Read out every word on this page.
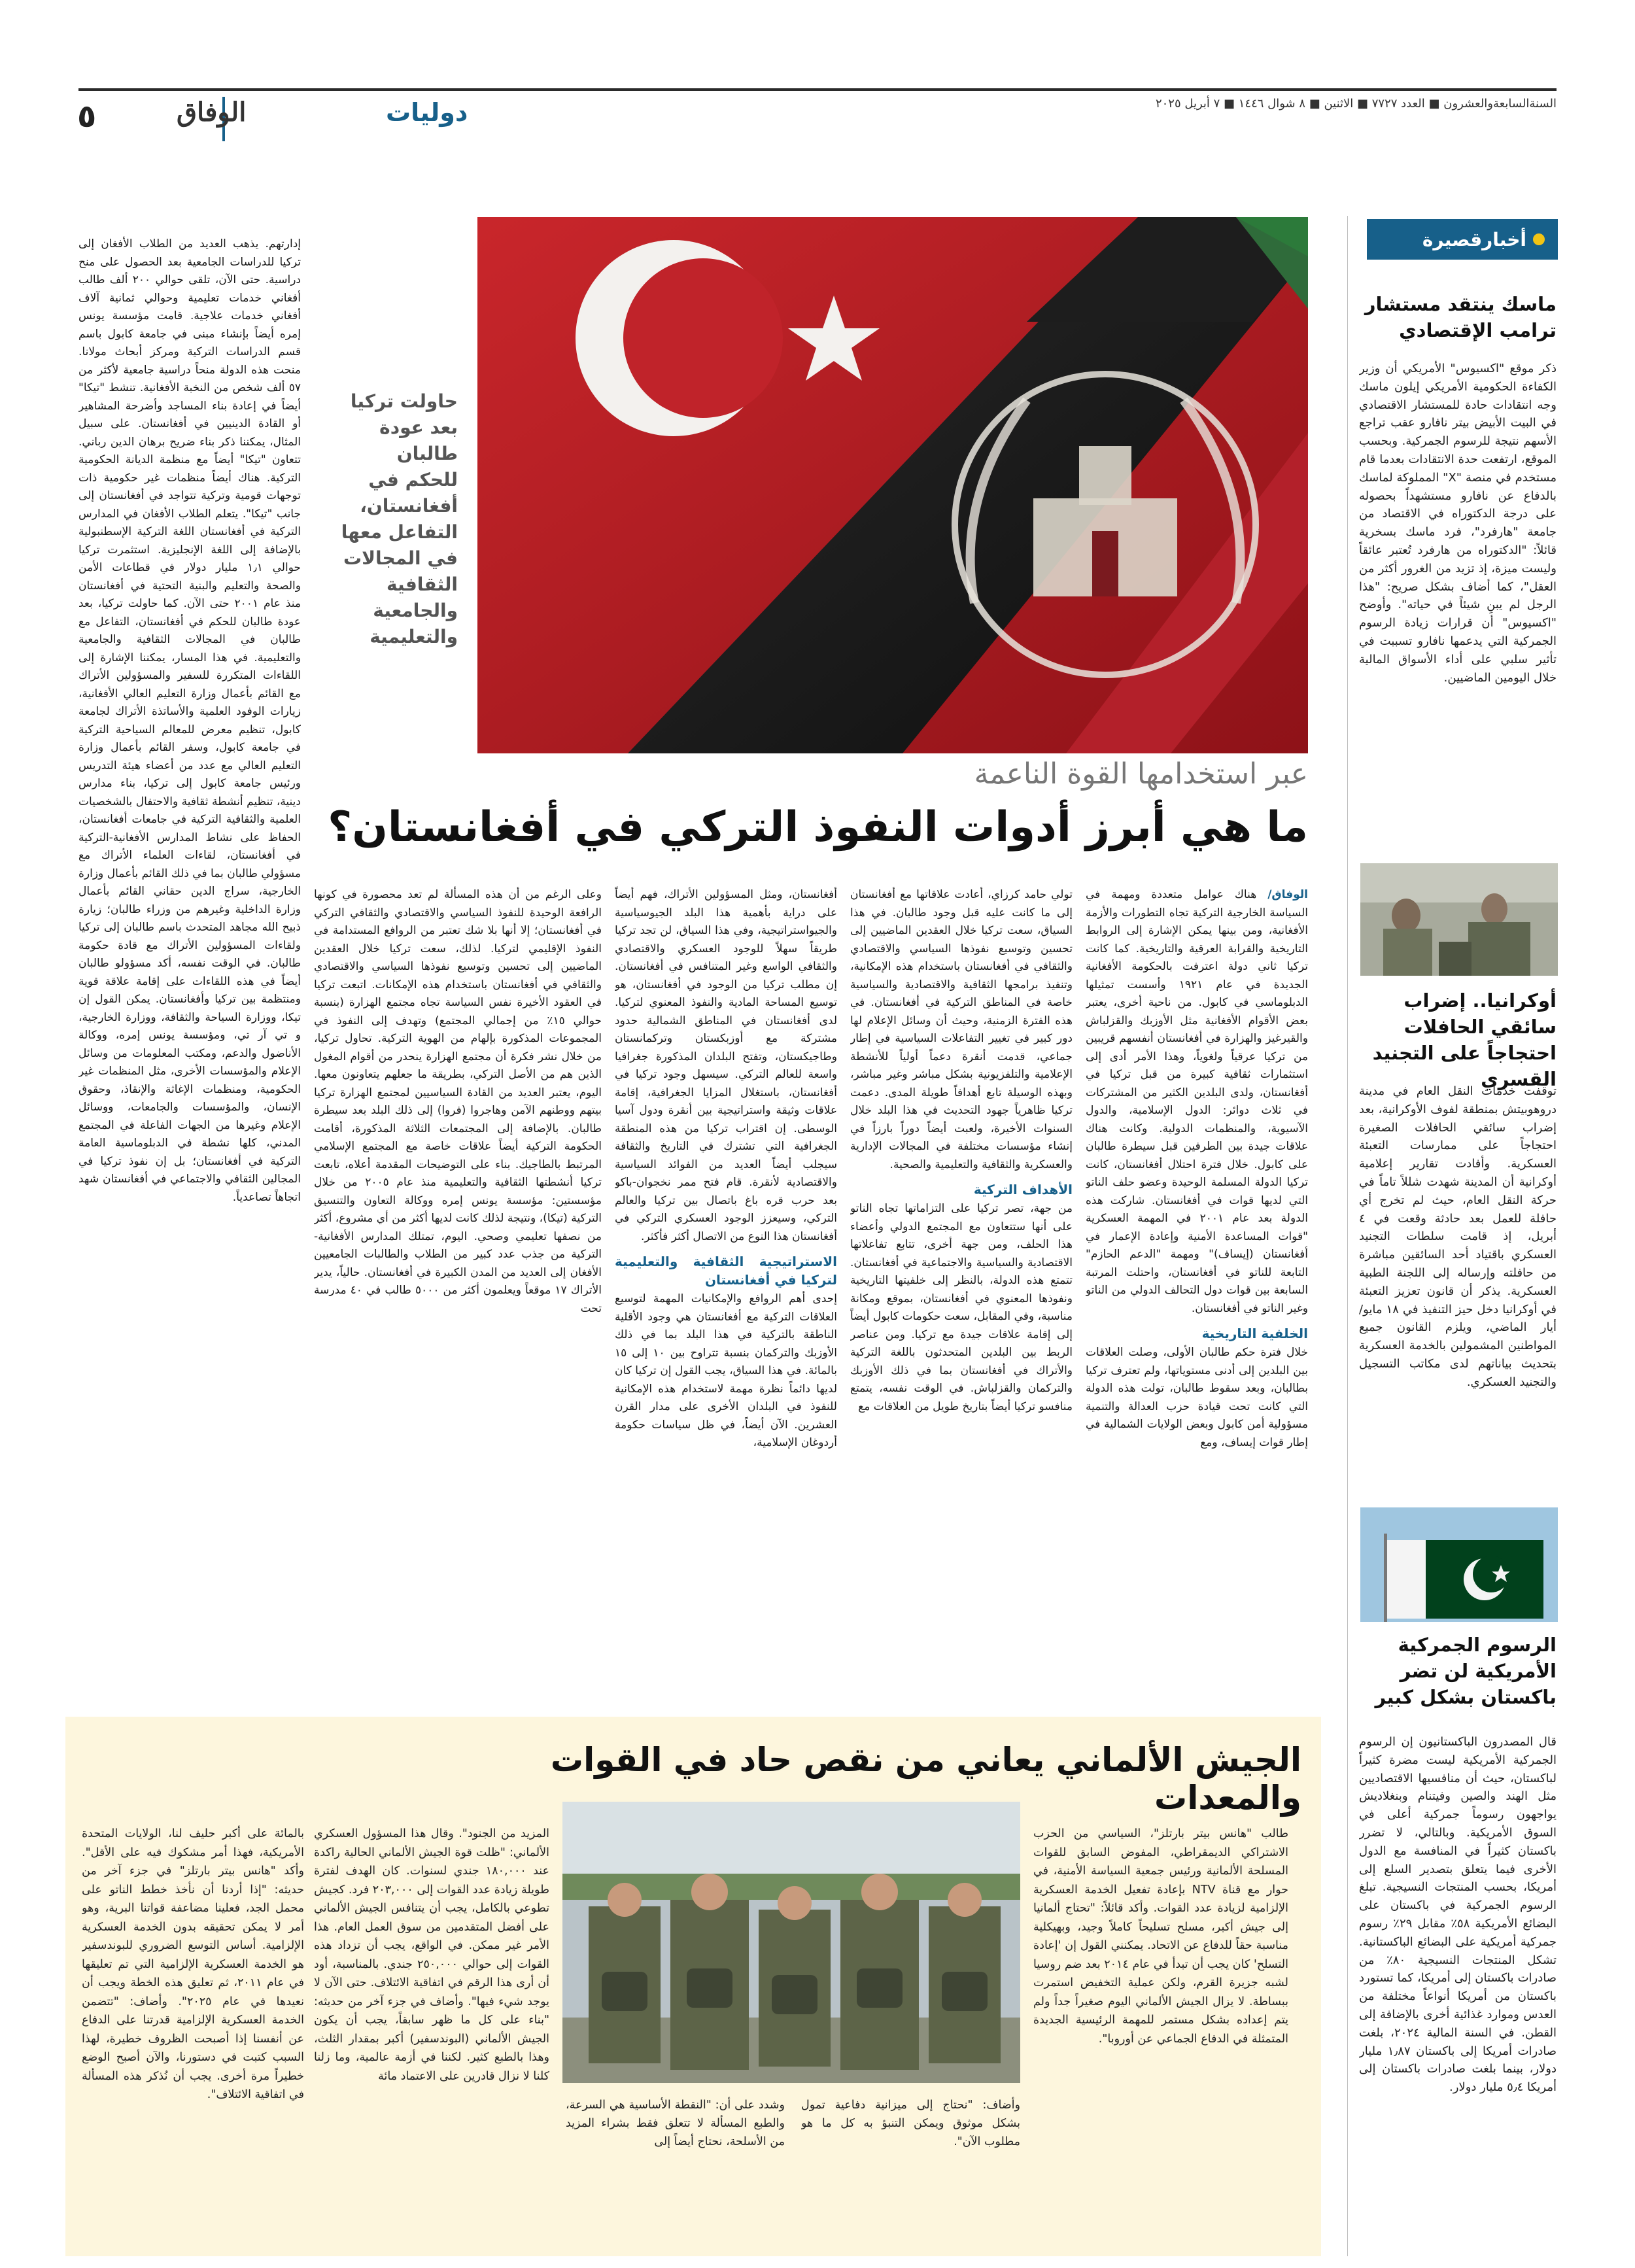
السنةالسابعةوالعشرون ■ العدد ٧٧٢٧ ■ الاثنين ■ ٨ شوال ١٤٤٦ ■ ٧ أبريل ٢٠٢٥
دوليات
الوفاق
٥
أخبارقصيرة
ماسك ينتقد مستشار ترامب الإقتصادي
ذكر موقع "اكسيوس" الأمريكي أن وزير الكفاءة الحكومية الأمريكي إيلون ماسك وجه انتقادات حادة للمستشار الاقتصادي في البيت الأبيض بيتر نافارو عقب تراجع الأسهم نتيجة للرسوم الجمركية. وبحسب الموقع، ارتفعت حدة الانتقادات بعدما قام مستخدم في منصة "X" المملوكة لماسك بالدفاع عن نافارو مستشهداً بحصوله على درجة الدكتوراه في الاقتصاد من جامعة "هارفرد"، فرد ماسك بسخرية قائلاً: "الدكتوراه من هارفرد تُعتبر عائقاً وليست ميزة، إذ تزيد من الغرور أكثر من العقل"، كما أضاف بشكل صريح: "هذا الرجل لم يبنِ شيئاً في حياته". وأوضح "اكسيوس" أن قرارات زيادة الرسوم الجمركية التي يدعمها نافارو تسببت في تأثير سلبي على أداء الأسواق المالية خلال اليومين الماضيين.
أوكرانيا.. إضراب سائقي الحافلات احتجاجاً على التجنيد القسري
توقفت خدمات النقل العام في مدينة دروهوبيتش بمنطقة لفوف الأوكرانية، بعد إضراب سائقي الحافلات الصغيرة احتجاجاً على ممارسات التعبئة العسكرية. وأفادت تقارير إعلامية أوكرانية أن المدينة شهدت شللاً تاماً في حركة النقل العام، حيث لم تخرج أي حافلة للعمل بعد حادثة وقعت في ٤ أبريل، إذ قامت سلطات التجنيد العسكري باقتياد أحد السائقين مباشرة من حافلته وإرساله إلى اللجنة الطبية العسكرية. يذكر أن قانون تعزيز التعبئة في أوكرانيا دخل حيز التنفيذ في ١٨ مايو/أيار الماضي، ويلزم القانون جميع المواطنين المشمولين بالخدمة العسكرية بتحديث بياناتهم لدى مكاتب التسجيل والتجنيد العسكري.
الرسوم الجمركية الأمريكية لن تضر باكستان بشكل كبير
قال المصدرون الباكستانيون إن الرسوم الجمركية الأمريكية ليست مضرة كثيراً لباكستان، حيث أن منافسيها الاقتصاديين مثل الهند والصين وفيتنام وبنغلاديش يواجهون رسوماً جمركية أعلى في السوق الأمريكية. وبالتالي، لا تضرر باكستان كثيراً في المنافسة مع الدول الأخرى فيما يتعلق بتصدير السلع إلى أمريكا، بحسب المنتجات النسيجية. تبلغ الرسوم الجمركية في باكستان على البضائع الأمريكية ٥٨٪ مقابل ٢٩٪ رسوم جمركية أمريكية على البضائع الباكستانية. تشكل المنتجات النسيجية ٨٠٪ من صادرات باكستان إلى أمريكا، كما تستورد باكستان من أمريكا أنواعاً مختلفة من العدس وموارد غذائية أخرى بالإضافة إلى القطن. في السنة المالية ٢٠٢٤، بلغت صادرات أمريكا إلى باكستان ١٫٨٧ مليار دولار، بينما بلغت صادرات باكستان إلى أمريكا ٥٫٤ مليار دولار.
حاولت تركيا بعد عودة طالبان للحكم في أفغانستان، التفاعل معها في المجالات الثقافية والجامعية والتعليمية
عبر استخدامها القوة الناعمة
ما هي أبرز أدوات النفوذ التركي في أفغانستان؟

الوفاق/ هناك عوامل متعددة ومهمة في السياسة الخارجية التركية تجاه التطورات والأزمة الأفغانية، ومن بينها يمكن الإشارة إلى الروابط التاريخية والقرابة العرقية والتاريخية. كما كانت تركيا ثاني دولة اعترفت بالحكومة الأفغانية الجديدة في عام ١٩٢١ وأسست تمثيلها الدبلوماسي في كابول. من ناحية أخرى، يعتبر بعض الأقوام الأفغانية مثل الأوزبك والقزلباش والقيرغيز والهزارة في أفغانستان أنفسهم قريبين من تركيا عرقياً ولغوياً، وهذا الأمر أدى إلى استثمارات ثقافية كبيرة من قبل تركيا في أفغانستان، ولدى البلدين الكثير من المشتركات في ثلاث دوائر: الدول الإسلامية، والدول الآسيوية، والمنظمات الدولية. وكانت هناك علاقات جيدة بين الطرفين قبل سيطرة طالبان على كابول. خلال فترة احتلال أفغانستان، كانت تركيا الدولة المسلمة الوحيدة وعضو حلف الناتو التي لديها قوات في أفغانستان. شاركت هذه الدولة بعد عام ٢٠٠١ في المهمة العسكرية "قوات المساعدة الأمنية وإعادة الإعمار في أفغانستان (إيساف)" ومهمة "الدعم الحازم" التابعة للناتو في أفغانستان، واحتلت المرتبة السابعة بين قوات دول التحالف الدولي من الناتو وغير الناتو في أفغانستان.

الخلفية التاريخية

خلال فترة حكم طالبان الأولى، وصلت العلاقات بين البلدين إلى أدنى مستوياتها، ولم تعترف تركيا بطالبان، وبعد سقوط طالبان، تولت هذه الدولة التي كانت تحت قيادة حزب العدالة والتنمية مسؤولية أمن كابول وبعض الولايات الشمالية في إطار قوات إيساف، ومع

تولي حامد كرزاي، أعادت علاقاتها مع أفغانستان إلى ما كانت عليه قبل وجود طالبان. في هذا السياق، سعت تركيا خلال العقدين الماضيين إلى تحسين وتوسيع نفوذها السياسي والاقتصادي والثقافي في أفغانستان باستخدام هذه الإمكانية، وتنفيذ برامجها الثقافية والاقتصادية والسياسية خاصة في المناطق التركية في أفغانستان. في هذه الفترة الزمنية، وحيث أن وسائل الإعلام لها دور كبير في تغيير التفاعلات السياسية في إطار جماعي، قدمت أنقرة دعماً أولياً للأنشطة الإعلامية والتلفزيونية بشكل مباشر وغير مباشر، وبهذه الوسيلة تابع أهدافاً طويلة المدى. دعمت تركيا ظاهرياً جهود التحديث في هذا البلد خلال السنوات الأخيرة، ولعبت أيضاً دوراً بارزاً في إنشاء مؤسسات مختلفة في المجالات الإدارية والعسكرية والثقافية والتعليمية والصحية.

الأهداف التركية

من جهة، تصر تركيا على التزاماتها تجاه الناتو على أنها ستتعاون مع المجتمع الدولي وأعضاء هذا الحلف، ومن جهة أخرى، تتابع تفاعلاتها الاقتصادية والسياسية والاجتماعية في أفغانستان. تتمتع هذه الدولة، بالنظر إلى خلفيتها التاريخية ونفوذها المعنوي في أفغانستان، بموقع ومكانة مناسبة، وفي المقابل، سعت حكومات كابول أيضاً إلى إقامة علاقات جيدة مع تركيا. ومن عناصر الربط بين البلدين المتحدثون باللغة التركية والأتراك في أفغانستان بما في ذلك الأوزبك والتركمان والقزلباش. في الوقت نفسه، يتمتع منافسو تركيا أيضاً بتاريخ طويل من العلاقات مع

أفغانستان، ومثل المسؤولين الأتراك، فهم أيضاً على دراية بأهمية هذا البلد الجيوسياسية والجيواستراتيجية، وفي هذا السياق، لن تجد تركيا طريقاً سهلاً للوجود العسكري والاقتصادي والثقافي الواسع وغير المتنافس في أفغانستان. إن مطلب تركيا من الوجود في أفغانستان، هو توسيع المساحة المادية والنفوذ المعنوي لتركيا. لدى أفغانستان في المناطق الشمالية حدود مشتركة مع أوزبكستان وتركمانستان وطاجيكستان، وتفتح البلدان المذكورة جغرافيا واسعة للعالم التركي. سيسهل وجود تركيا في أفغانستان، باستغلال المزايا الجغرافية، إقامة علاقات وثيقة واستراتيجية بين أنقرة ودول آسيا الوسطى. إن اقتراب تركيا من هذه المنطقة الجغرافية التي تشترك في التاريخ والثقافة سيجلب أيضاً العديد من الفوائد السياسية والاقتصادية لأنقرة. قام فتح ممر نخجوان-باكو بعد حرب قره باغ باتصال بين تركيا والعالم التركي، وسيعزز الوجود العسكري التركي في أفغانستان هذا النوع من الاتصال أكثر فأكثر.

الاستراتيجية الثقافية والتعليمية لتركيا في أفغانستان

إحدى أهم الروافع والإمكانيات المهمة لتوسيع العلاقات التركية مع أفغانستان هي وجود الأقلية الناطقة بالتركية في هذا البلد بما في ذلك الأوزبك والتركمان بنسبة تتراوح بين ١٠ إلى ١٥ بالمائة. في هذا السياق، يجب القول إن تركيا كان لديها دائماً نظرة مهمة لاستخدام هذه الإمكانية للنفوذ في البلدان الأخرى على مدار القرن العشرين. الآن أيضاً، في ظل سياسات حكومة أردوغان الإسلامية،

وعلى الرغم من أن هذه المسألة لم تعد محصورة في كونها الرافعة الوحيدة للنفوذ السياسي والاقتصادي والثقافي التركي في أفغانستان؛ إلا أنها بلا شك تعتبر من الروافع المستدامة في النفوذ الإقليمي لتركيا. لذلك، سعت تركيا خلال العقدين الماضيين إلى تحسين وتوسيع نفوذها السياسي والاقتصادي والثقافي في أفغانستان باستخدام هذه الإمكانات. اتبعت تركيا في العقود الأخيرة نفس السياسة تجاه مجتمع الهزارة (بنسبة حوالي ١٥٪ من إجمالي المجتمع) وتهدف إلى النفوذ في المجموعات المذكورة بإلهام من الهوية التركية. تحاول تركيا، من خلال نشر فكرة أن مجتمع الهزارة ينحدر من أقوام المغول الذين هم من الأصل التركي، بطريقة ما جعلهم يتعاونون معها. اليوم، يعتبر العديد من القادة السياسيين لمجتمع الهزارة تركيا بيتهم ووطنهم الآمن وهاجروا (فروا) إلى ذلك البلد بعد سيطرة طالبان. بالإضافة إلى المجتمعات الثلاثة المذكورة، أقامت الحكومة التركية أيضاً علاقات خاصة مع المجتمع الإسلامي المرتبط بالطاجيك. بناء على التوضيحات المقدمة أعلاه، تابعت تركيا أنشطتها الثقافية والتعليمية منذ عام ٢٠٠٥ من خلال مؤسستين: مؤسسة يونس إمره ووكالة التعاون والتنسيق التركية (تيكا)، ونتيجة لذلك كانت لديها أكثر من أي مشروع، أكثر من نصفها تعليمي وصحي. اليوم، تمتلك المدارس الأفغانية-التركية من جذب عدد كبير من الطلاب والطالبات الجامعيين الأفغان إلى العديد من المدن الكبيرة في أفغانستان. حالياً، يدير الأتراك ١٧ موقعاً ويعلمون أكثر من ٥٠٠٠ طالب في ٤٠ مدرسة تحت

إدارتهم. يذهب العديد من الطلاب الأفغان إلى تركيا للدراسات الجامعية بعد الحصول على منح دراسية. حتى الآن، تلقى حوالي ٢٠٠ ألف طالب أفغاني خدمات تعليمية وحوالي ثمانية آلاف أفغاني خدمات علاجية. قامت مؤسسة يونس إمره أيضاً بإنشاء مبنى في جامعة كابول باسم قسم الدراسات التركية ومركز أبحاث مولانا. منحت هذه الدولة منحاً دراسية جامعية لأكثر من ٥٧ ألف شخص من النخبة الأفغانية. تنشط "تيكا" أيضاً في إعادة بناء المساجد وأضرحة المشاهير أو القادة الدينيين في أفغانستان. على سبيل المثال، يمكننا ذكر بناء ضريح برهان الدين رباني. تتعاون "تيكا" أيضاً مع منظمة الديانة الحكومية التركية. هناك أيضاً منظمات غير حكومية ذات توجهات قومية وتركية تتواجد في أفغانستان إلى جانب "تيكا". يتعلم الطلاب الأفغان في المدارس التركية في أفغانستان اللغة التركية الإسطنبولية بالإضافة إلى اللغة الإنجليزية. استثمرت تركيا حوالي ١٫١ مليار دولار في قطاعات الأمن والصحة والتعليم والبنية التحتية في أفغانستان منذ عام ٢٠٠١ حتى الآن. كما حاولت تركيا، بعد عودة طالبان للحكم في أفغانستان، التفاعل مع طالبان في المجالات الثقافية والجامعية والتعليمية. في هذا المسار، يمكننا الإشارة إلى اللقاءات المتكررة للسفير والمسؤولين الأتراك مع القائم بأعمال وزارة التعليم العالي الأفغانية، زيارات الوفود العلمية والأساتذة الأتراك لجامعة كابول، تنظيم معرض للمعالم السياحية التركية في جامعة كابول، وسفر القائم بأعمال وزارة التعليم العالي مع عدد من أعضاء هيئة التدريس ورئيس جامعة كابول إلى تركيا، بناء مدارس دينية، تنظيم أنشطة ثقافية والاحتفال بالشخصيات العلمية والثقافية التركية في جامعات أفغانستان، الحفاظ على نشاط المدارس الأفغانية-التركية في أفغانستان، لقاءات العلماء الأتراك مع مسؤولي طالبان بما في ذلك القائم بأعمال وزارة الخارجية، سراج الدين حقاني القائم بأعمال وزارة الداخلية وغيرهم من وزراء طالبان؛ زيارة ذبيح الله مجاهد المتحدث باسم طالبان إلى تركيا ولقاءات المسؤولين الأتراك مع قادة حكومة طالبان. في الوقت نفسه، أكد مسؤولو طالبان أيضاً في هذه اللقاءات على إقامة علاقة قوية ومنتظمة بين تركيا وأفغانستان. يمكن القول إن تيكا، ووزارة السياحة والثقافة، ووزارة الخارجية، و تي آر تي، ومؤسسة يونس إمره، ووكالة الأناضول والدعم، ومكتب المعلومات من وسائل الإعلام والمؤسسات الأخرى، مثل المنظمات غير الحكومية، ومنظمات الإغاثة والإنقاذ، وحقوق الإنسان، والمؤسسات والجامعات، ووسائل الإعلام وغيرها من الجهات الفاعلة في المجتمع المدني، كلها نشطة في الدبلوماسية العامة التركية في أفغانستان؛ بل إن نفوذ تركيا في المجالين الثقافي والاجتماعي في أفغانستان شهد اتجاهاً تصاعدياً.

الجيش الألماني يعاني من نقص حاد في القوات والمعدات
طالب "هانس بيتر بارتلز"، السياسي من الحزب الاشتراكي الديمقراطي، المفوض السابق للقوات المسلحة الألمانية ورئيس جمعية السياسة الأمنية، في حوار مع قناة NTV بإعادة تفعيل الخدمة العسكرية الإلزامية لزيادة عدد القوات. وأكد قائلاً: "تحتاج ألمانيا إلى جيش أكبر، مسلح تسليحاً كاملاً وجيد، وبهيكلية مناسبة حقاً للدفاع عن الاتحاد. يمكنني القول إن 'إعادة التسلح' كان يجب أن تبدأ في عام ٢٠١٤ بعد ضم روسيا لشبه جزيرة القرم، ولكن عملية التخفيض استمرت ببساطة. لا يزال الجيش الألماني اليوم صغيراً جداً ولم يتم إعداده بشكل مستمر للمهمة الرئيسية الجديدة المتمثلة في الدفاع الجماعي عن أوروبا".
وأضاف: "نحتاج إلى ميزانية دفاعية تمول بشكل موثوق ويمكن التنبؤ به كل ما هو مطلوب الآن".
وشدد على أن: "النقطة الأساسية هي السرعة، والطبع المسألة لا تتعلق فقط بشراء المزيد من الأسلحة، نحتاج أيضاً إلى
المزيد من الجنود". وقال هذا المسؤول العسكري الألماني: "ظلت قوة الجيش الألماني الحالية راكدة عند ١٨٠,٠٠٠ جندي لسنوات. كان الهدف لفترة طويلة زيادة عدد القوات إلى ٢٠٣,٠٠٠ فرد. كجيش تطوعي بالكامل، يجب أن يتنافس الجيش الألماني على أفضل المتقدمين من سوق العمل العام. هذا الأمر غير ممكن. في الواقع، يجب أن تزداد هذه القوات إلى حوالي ٢٥٠,٠٠٠ جندي. بالمناسبة، أود أن أرى هذا الرقم في اتفاقية الائتلاف. حتى الآن لا يوجد شيء فيها". وأضاف في جزء آخر من حديثه: "بناء على كل ما ظهر سابقاً، يجب أن يكون الجيش الألماني (البوندسفير) أكبر بمقدار الثلث، وهذا بالطبع كثير. لكننا في أزمة عالمية، وما زلنا كلنا لا نزال قادرين على الاعتماد مائة
بالمائة على أكبر حليف لنا، الولايات المتحدة الأمريكية، فهذا أمر مشكوك فيه على الأقل". وأكد "هانس بيتر بارتلز" في جزء آخر من حديثه: "إذا أردنا أن نأخذ خطط الناتو على محمل الجد، فعلينا مضاعفة قواتنا البرية، وهو أمر لا يمكن تحقيقه بدون الخدمة العسكرية الإلزامية. أساس التوسع الضروري للبوندسفير هو الخدمة العسكرية الإلزامية التي تم تعليقها في عام ٢٠١١، ثم تعليق هذه الخطة ويجب أن نعيدها في عام ٢٠٢٥". وأضاف: "تتضمن الخدمة العسكرية الإلزامية قدرتنا على الدفاع عن أنفسنا إذا أصبحت الظروف خطيرة، لهذا السبب كتبت في دستورنا، والآن أصبح الوضع خطيراً مرة أخرى. يجب أن نُذكر هذه المسألة في اتفاقية الائتلاف".
